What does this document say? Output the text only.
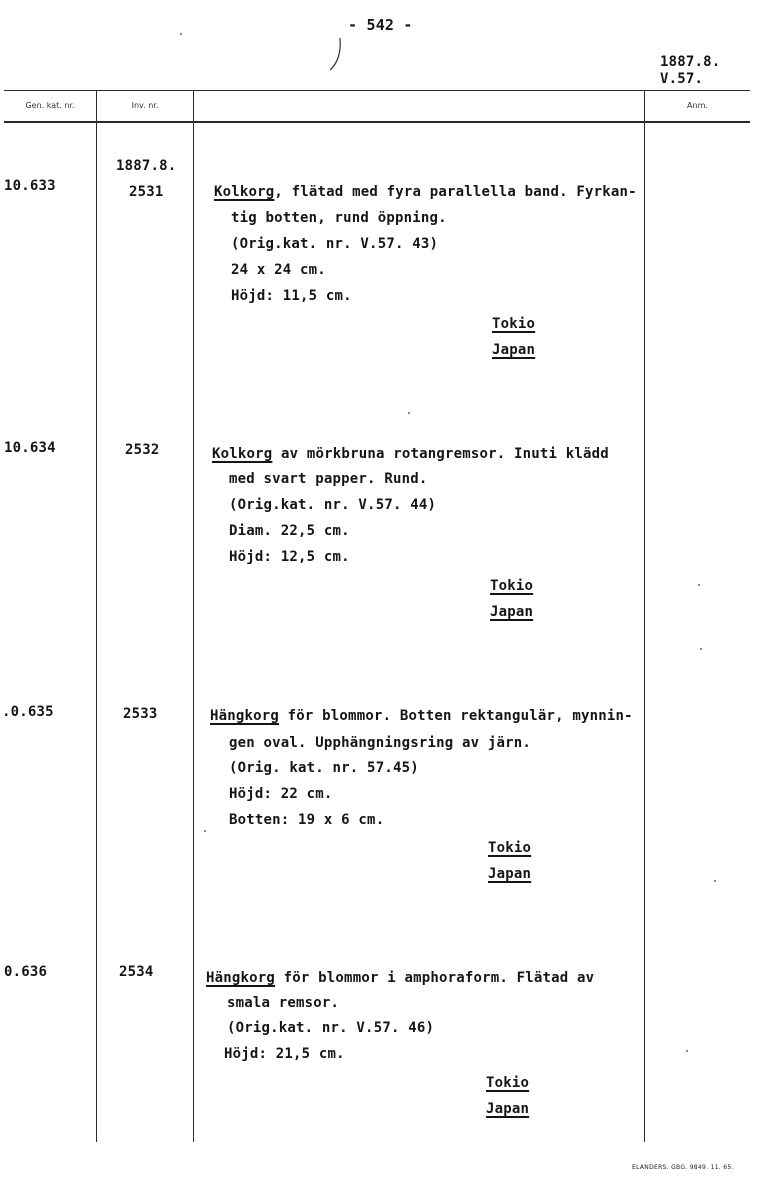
- 542 -
1887.8.
V.57.
Gen. kat. nr.	Inv. nr.	Anm.
1887.8.
10.633	2531	Kolkorg, flätad med fyra parallella band. Fyrkan-
tig botten, rund öppning.
(Orig.kat. nr. V.57. 43)
24 x 24 cm.
Höjd: 11,5 cm.
Tokio
Japan
10.634	2532	Kolkorg av mörkbruna rotangremsor. Inuti klädd
med svart papper. Rund.
(Orig.kat. nr. V.57. 44)
Diam. 22,5 cm.
Höjd: 12,5 cm.
Tokio
Japan
.0.635	2533	Hängkorg för blommor. Botten rektangulär, mynnin-
gen oval. Upphängningsring av järn.
(Orig. kat. nr. 57.45)
Höjd: 22 cm.
Botten: 19 x 6 cm.
Tokio
Japan
0.636	2534	Hängkorg för blommor i amphoraform. Flätad av
smala remsor.
(Orig.kat. nr. V.57. 46)
Höjd: 21,5 cm.
Tokio
Japan
ELANDERS. GBG. 9849. 11. 65.
